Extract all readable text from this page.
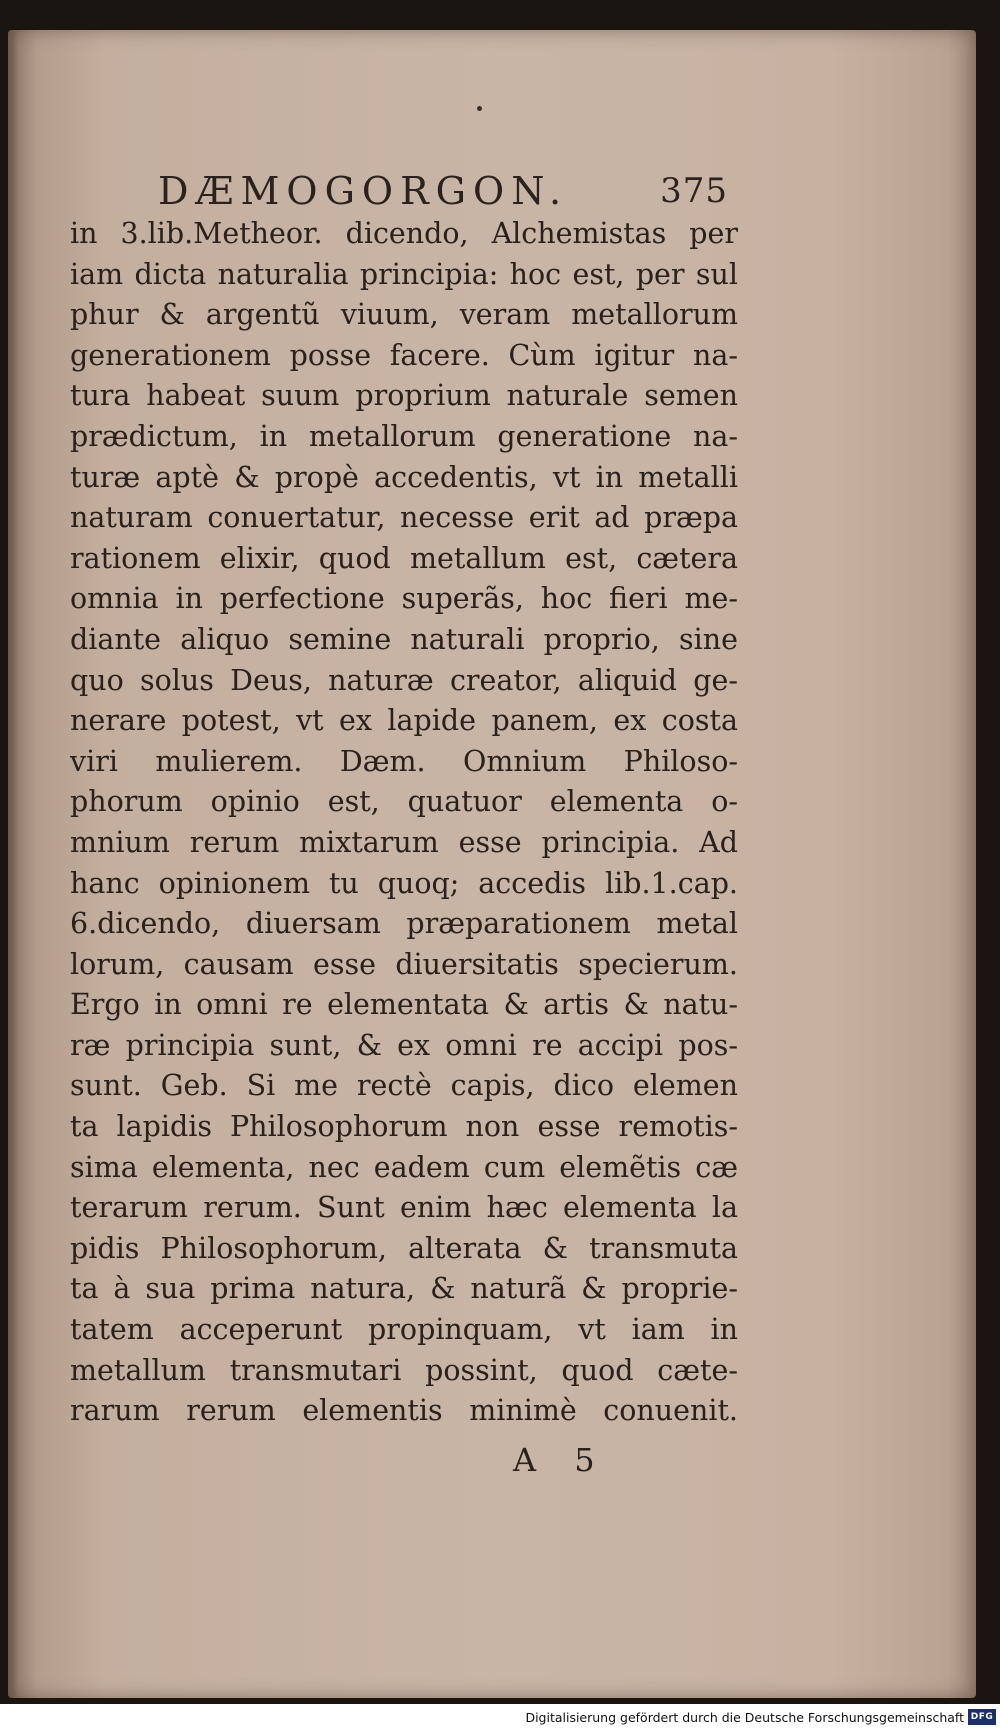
DÆMOGORGON.	375
in 3.lib.Metheor. dicendo, Alchemistas per
iam dicta naturalia principia: hoc est, per sul
phur & argentũ viuum, veram metallorum
generationem posse facere. Cùm igitur na-
tura habeat suum proprium naturale semen
prædictum, in metallorum generatione na-
turæ aptè & propè accedentis, vt in metalli
naturam conuertatur, necesse erit ad præpa
rationem elixir, quod metallum est, cætera
omnia in perfectione superãs, hoc fieri me-
diante aliquo semine naturali proprio, sine
quo solus Deus, naturæ creator, aliquid ge-
nerare potest, vt ex lapide panem, ex costa
viri mulierem. Dæm. Omnium Philoso-
phorum opinio est, quatuor elementa o-
mnium rerum mixtarum esse principia. Ad
hanc opinionem tu quoq; accedis lib.1.cap.
6.dicendo, diuersam præparationem metal
lorum, causam esse diuersitatis specierum.
Ergo in omni re elementata & artis & natu-
ræ principia sunt, & ex omni re accipi pos-
sunt. Geb. Si me rectè capis, dico elemen
ta lapidis Philosophorum non esse remotis-
sima elementa, nec eadem cum elemẽtis cæ
terarum rerum. Sunt enim hæc elementa la
pidis Philosophorum, alterata & transmuta
ta à sua prima natura, & naturã & proprie-
tatem acceperunt propinquam, vt iam in
metallum transmutari possint, quod cæte-
rarum rerum elementis minimè conuenit.
A 5
Digitalisierung gefördert durch die Deutsche Forschungsgemeinschaft DFG
